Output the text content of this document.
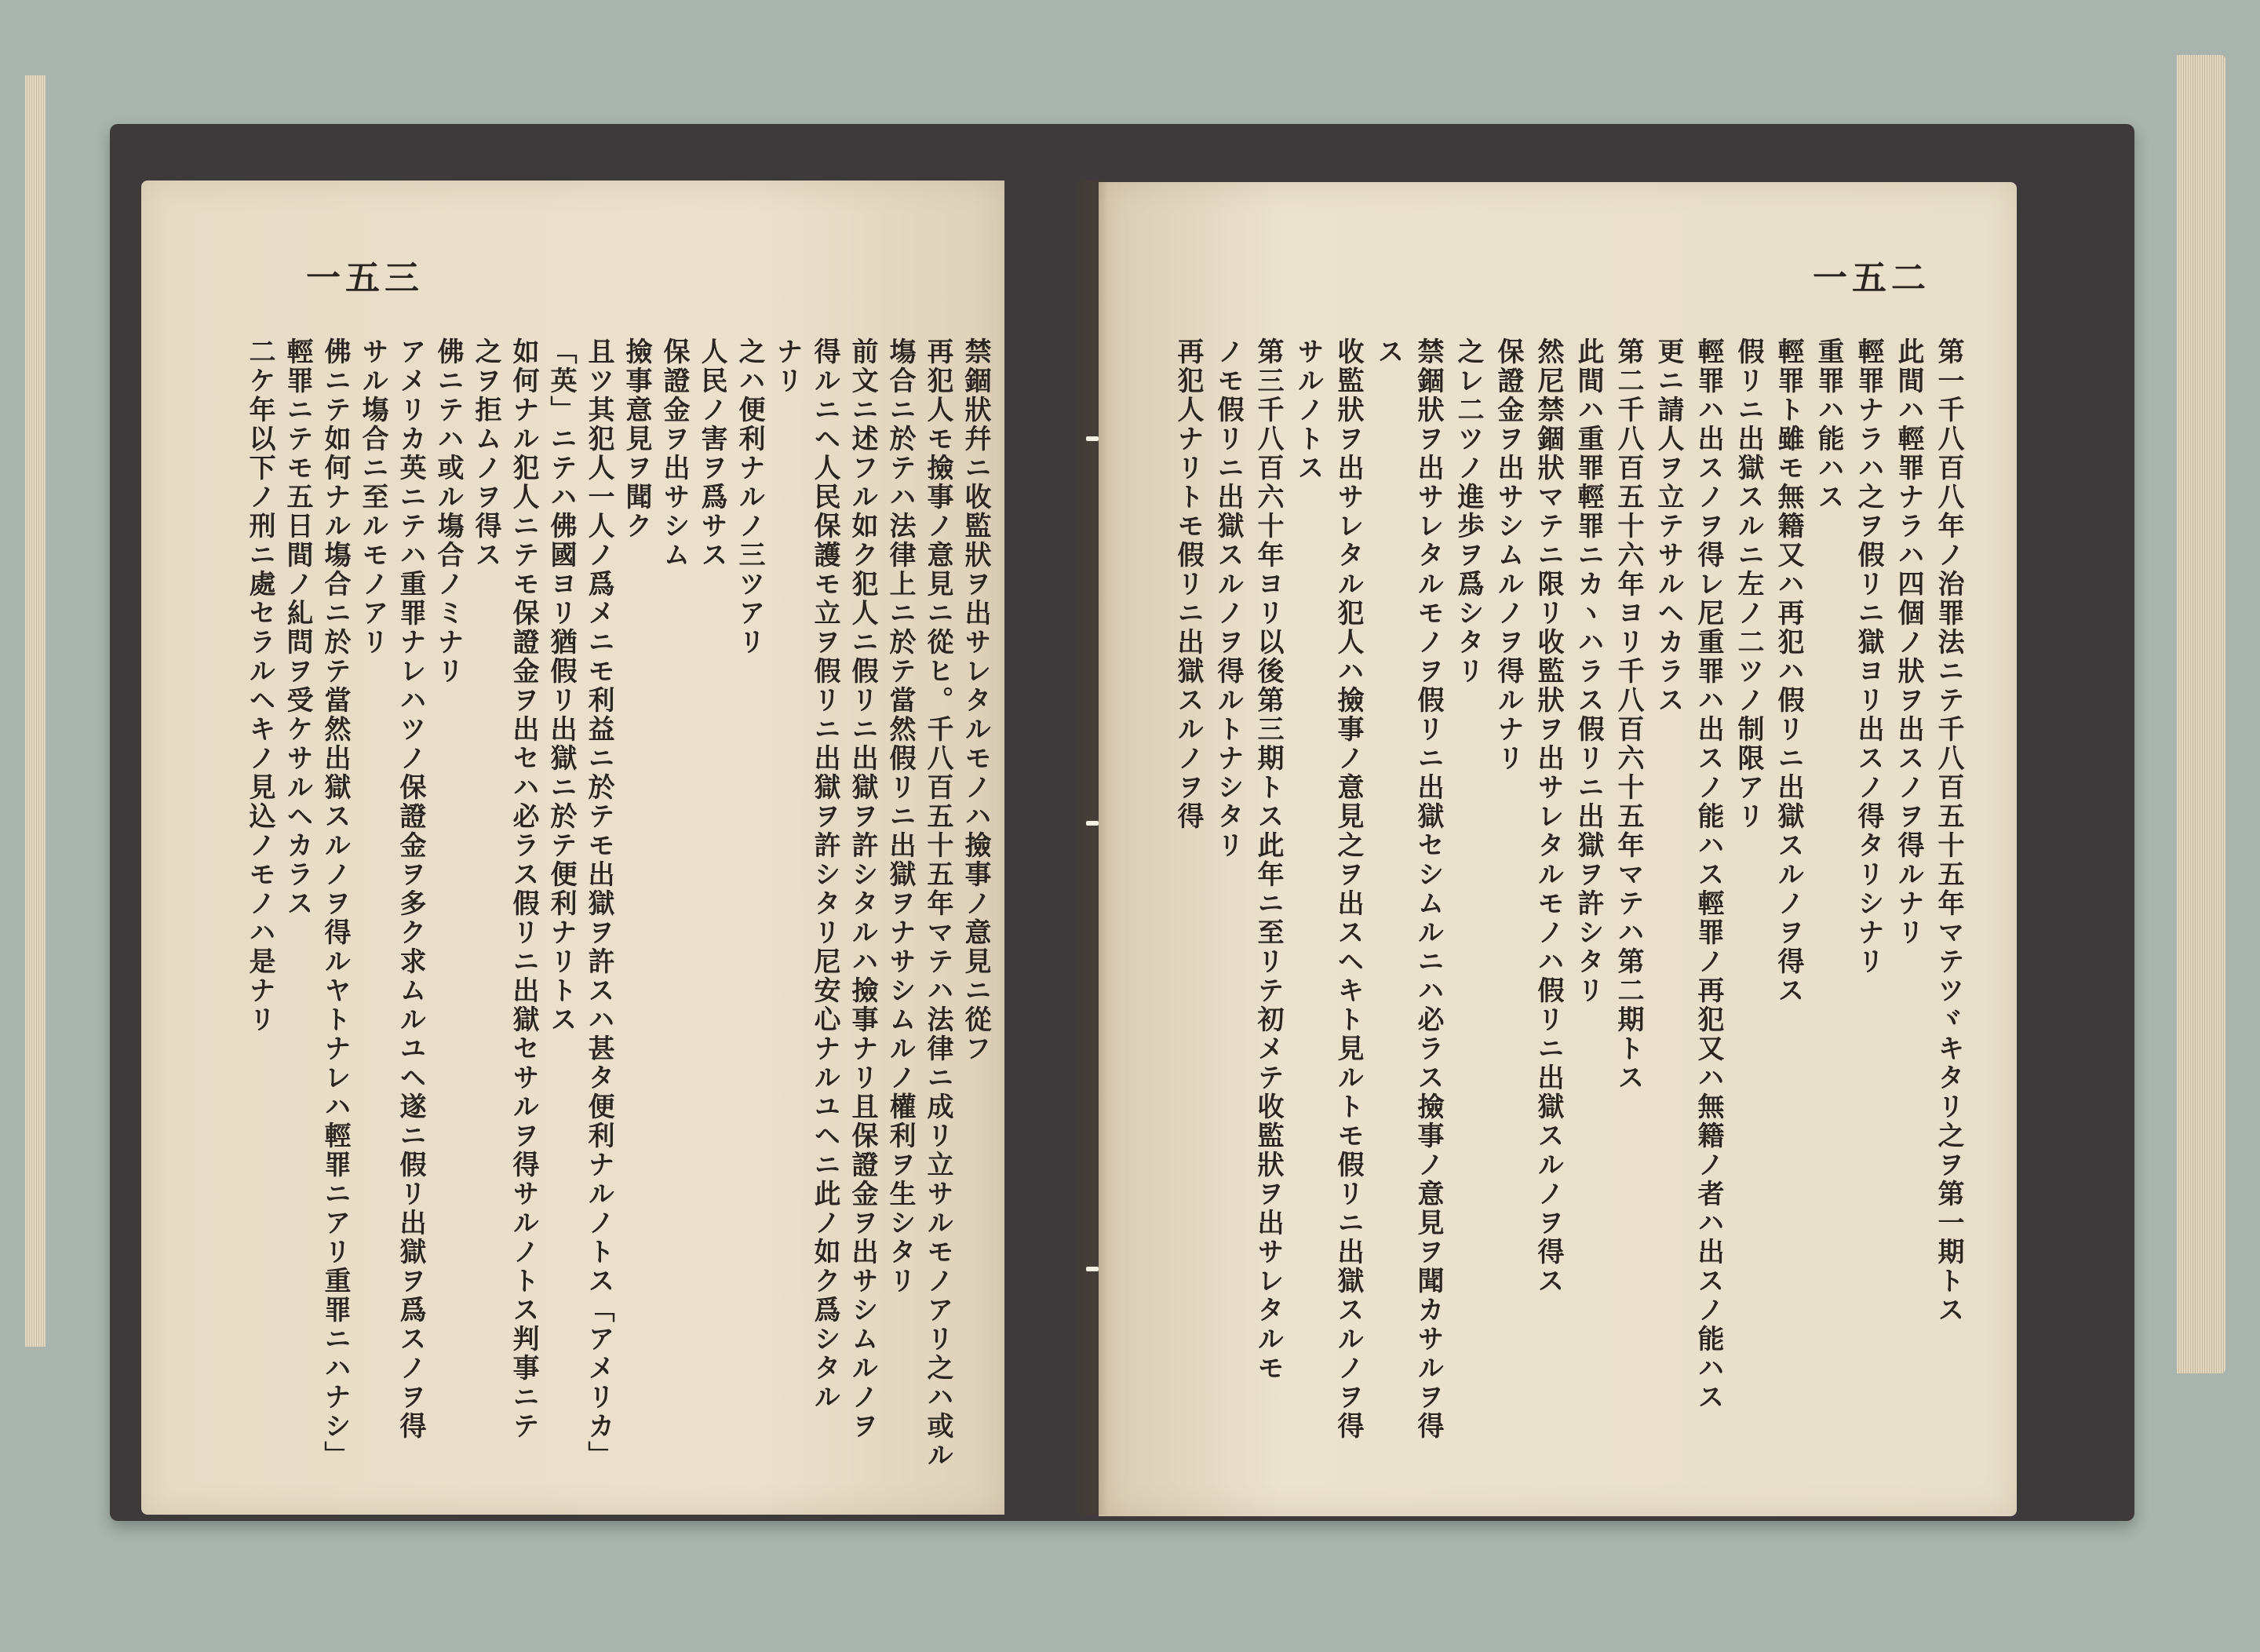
一五三	一五二
禁錮狀幷ニ收監狀ヲ出サレタルモノハ撿事ノ意見ニ從フ
再犯人モ撿事ノ意見ニ從ヒ。千八百五十五年マテハ法律ニ成リ立サルモノアリ之ハ或ル
塲合ニ於テハ法律上ニ於テ當然假リニ出獄ヲナサシムルノ權利ヲ生シタリ
前文ニ述フル如ク犯人ニ假リニ出獄ヲ許シタルハ撿事ナリ且保證金ヲ出サシムルノヲ
得ルニヘ人民保護モ立ヲ假リニ出獄ヲ許シタリ尼安心ナルユヘニ此ノ如ク爲シタル
ナリ
之ハ便利ナルノ三ツアリ
人民ノ害ヲ爲サス
保證金ヲ出サシム
撿事意見ヲ聞ク
且ツ其犯人一人ノ爲メニモ利益ニ於テモ出獄ヲ許スハ甚タ便利ナルノトス「アメリカ」
「英」ニテハ佛國ヨリ猶假リ出獄ニ於テ便利ナリトス
如何ナル犯人ニテモ保證金ヲ出セハ必ラス假リニ出獄セサルヲ得サルノトス判事ニテ
之ヲ拒ムノヲ得ス
佛ニテハ或ル塲合ノミナリ
アメリカ英ニテハ重罪ナレハツノ保證金ヲ多ク求ムルユヘ遂ニ假リ出獄ヲ爲スノヲ得
サル塲合ニ至ルモノアリ
佛ニテ如何ナル塲合ニ於テ當然出獄スルノヲ得ルヤトナレハ輕罪ニアリ重罪ニハナシ」
輕罪ニテモ五日間ノ糺問ヲ受ケサルヘカラス
二ケ年以下ノ刑ニ處セラルヘキノ見込ノモノハ是ナリ	第一千八百八年ノ治罪法ニテ千八百五十五年マテツヾキタリ之ヲ第一期トス
此間ハ輕罪ナラハ四個ノ狀ヲ出スノヲ得ルナリ
輕罪ナラハ之ヲ假リニ獄ヨリ出スノ得タリシナリ
重罪ハ能ハス
輕罪ト雖モ無籍又ハ再犯ハ假リニ出獄スルノヲ得ス
假リニ出獄スルニ左ノ二ツノ制限アリ
輕罪ハ出スノヲ得レ尼重罪ハ出スノ能ハス輕罪ノ再犯又ハ無籍ノ者ハ出スノ能ハス
更ニ請人ヲ立テサルヘカラス
第二千八百五十六年ヨリ千八百六十五年マテハ第二期トス
此間ハ重罪輕罪ニカヽハラス假リニ出獄ヲ許シタリ
然尼禁錮狀マテニ限リ收監狀ヲ出サレタルモノハ假リニ出獄スルノヲ得ス
保證金ヲ出サシムルノヲ得ルナリ
之レ二ツノ進歩ヲ爲シタリ
禁錮狀ヲ出サレタルモノヲ假リニ出獄セシムルニハ必ラス撿事ノ意見ヲ聞カサルヲ得
ス
收監狀ヲ出サレタル犯人ハ撿事ノ意見之ヲ出スヘキト見ルトモ假リニ出獄スルノヲ得
サルノトス
第三千八百六十年ヨリ以後第三期トス此年ニ至リテ初メテ收監狀ヲ出サレタルモ
ノモ假リニ出獄スルノヲ得ルトナシタリ
再犯人ナリトモ假リニ出獄スルノヲ得
